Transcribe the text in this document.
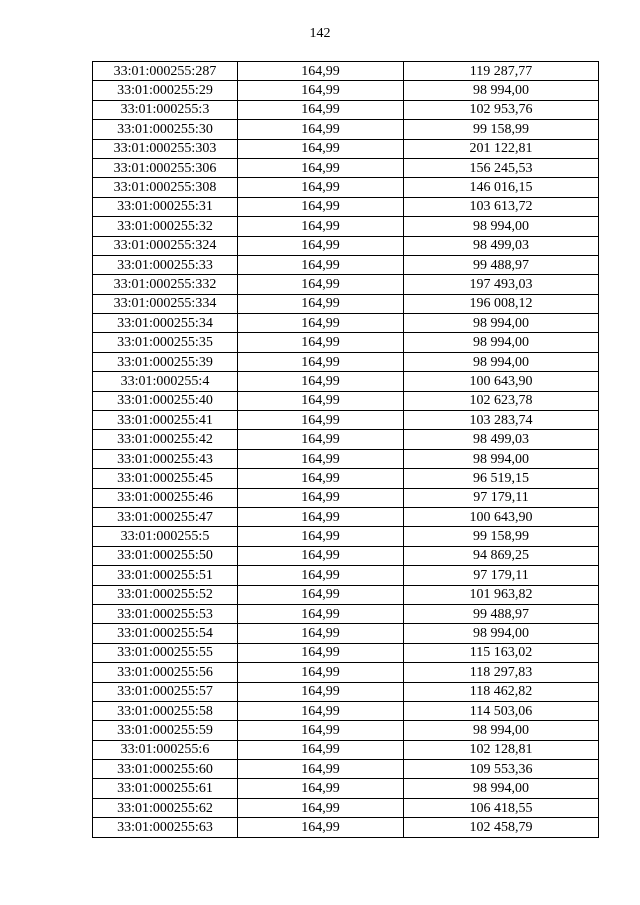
142
33:01:000255:287	164,99	119 287,77
33:01:000255:29	164,99	98 994,00
33:01:000255:3	164,99	102 953,76
33:01:000255:30	164,99	99 158,99
33:01:000255:303	164,99	201 122,81
33:01:000255:306	164,99	156 245,53
33:01:000255:308	164,99	146 016,15
33:01:000255:31	164,99	103 613,72
33:01:000255:32	164,99	98 994,00
33:01:000255:324	164,99	98 499,03
33:01:000255:33	164,99	99 488,97
33:01:000255:332	164,99	197 493,03
33:01:000255:334	164,99	196 008,12
33:01:000255:34	164,99	98 994,00
33:01:000255:35	164,99	98 994,00
33:01:000255:39	164,99	98 994,00
33:01:000255:4	164,99	100 643,90
33:01:000255:40	164,99	102 623,78
33:01:000255:41	164,99	103 283,74
33:01:000255:42	164,99	98 499,03
33:01:000255:43	164,99	98 994,00
33:01:000255:45	164,99	96 519,15
33:01:000255:46	164,99	97 179,11
33:01:000255:47	164,99	100 643,90
33:01:000255:5	164,99	99 158,99
33:01:000255:50	164,99	94 869,25
33:01:000255:51	164,99	97 179,11
33:01:000255:52	164,99	101 963,82
33:01:000255:53	164,99	99 488,97
33:01:000255:54	164,99	98 994,00
33:01:000255:55	164,99	115 163,02
33:01:000255:56	164,99	118 297,83
33:01:000255:57	164,99	118 462,82
33:01:000255:58	164,99	114 503,06
33:01:000255:59	164,99	98 994,00
33:01:000255:6	164,99	102 128,81
33:01:000255:60	164,99	109 553,36
33:01:000255:61	164,99	98 994,00
33:01:000255:62	164,99	106 418,55
33:01:000255:63	164,99	102 458,79
